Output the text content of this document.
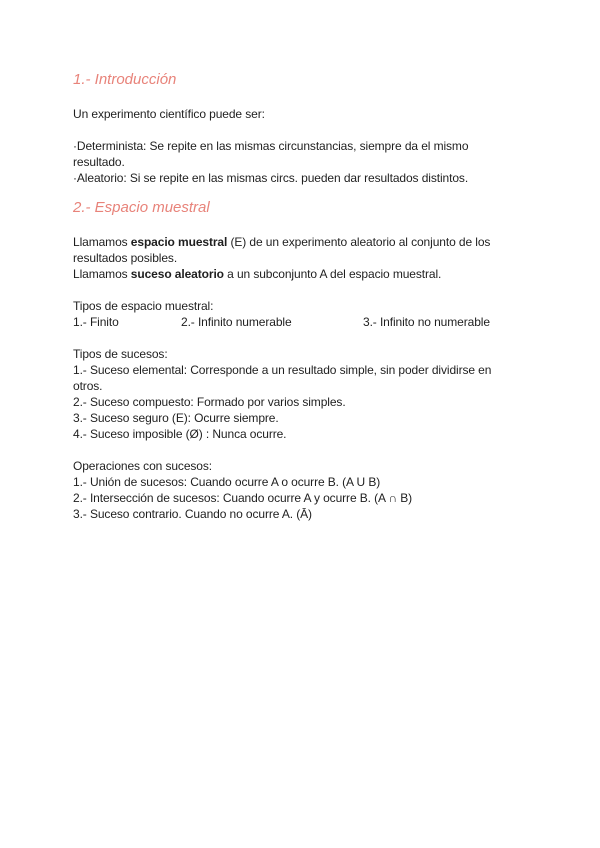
1.- Introducción

Un experimento científico puede ser:

·Determinista: Se repite en las mismas circunstancias, siempre da el mismo resultado.

·Aleatorio: Si se repite en las mismas circs. pueden dar resultados distintos.

2.- Espacio muestral

Llamamos espacio muestral (E) de un experimento aleatorio al conjunto de los resultados posibles.

Llamamos suceso aleatorio a un subconjunto A del espacio muestral.

Tipos de espacio muestral:

1.- Finito	2.- Infinito numerable	3.- Infinito no numerable

Tipos de sucesos:

1.- Suceso elemental: Corresponde a un resultado simple, sin poder dividirse en otros.

2.- Suceso compuesto: Formado por varios simples.

3.- Suceso seguro (E): Ocurre siempre.

4.- Suceso imposible (Ø) : Nunca ocurre.

Operaciones con sucesos:

1.- Unión de sucesos: Cuando ocurre A o ocurre B. (A U B)

2.- Intersección de sucesos: Cuando ocurre A y ocurre B. (A ∩ B)

3.- Suceso contrario. Cuando no ocurre A. (Ā)
